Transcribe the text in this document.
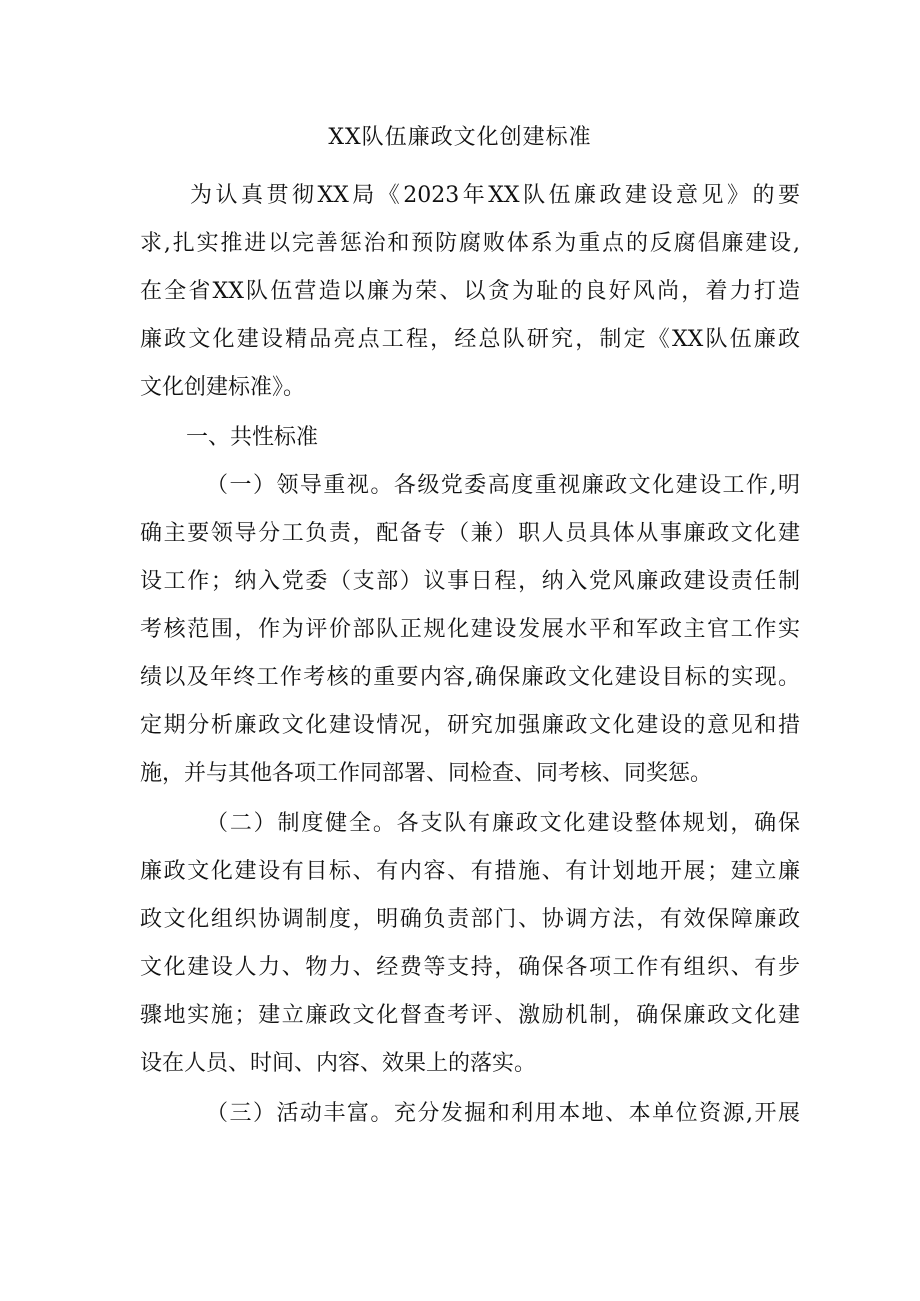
XX队伍廉政文化创建标准
为认真贯彻XX局《2023年XX队伍廉政建设意见》的要
求,扎实推进以完善惩治和预防腐败体系为重点的反腐倡廉建设,
在全省XX队伍营造以廉为荣、以贪为耻的良好风尚，着力打造
廉政文化建设精品亮点工程，经总队研究，制定《XX队伍廉政
文化创建标准》。
一、共性标准
（一）领导重视。各级党委高度重视廉政文化建设工作,明
确主要领导分工负责，配备专（兼）职人员具体从事廉政文化建
设工作；纳入党委（支部）议事日程，纳入党风廉政建设责任制
考核范围，作为评价部队正规化建设发展水平和军政主官工作实
绩以及年终工作考核的重要内容,确保廉政文化建设目标的实现。
定期分析廉政文化建设情况，研究加强廉政文化建设的意见和措
施，并与其他各项工作同部署、同检查、同考核、同奖惩。
（二）制度健全。各支队有廉政文化建设整体规划，确保
廉政文化建设有目标、有内容、有措施、有计划地开展；建立廉
政文化组织协调制度，明确负责部门、协调方法，有效保障廉政
文化建设人力、物力、经费等支持，确保各项工作有组织、有步
骤地实施；建立廉政文化督查考评、激励机制，确保廉政文化建
设在人员、时间、内容、效果上的落实。
（三）活动丰富。充分发掘和利用本地、本单位资源,开展
